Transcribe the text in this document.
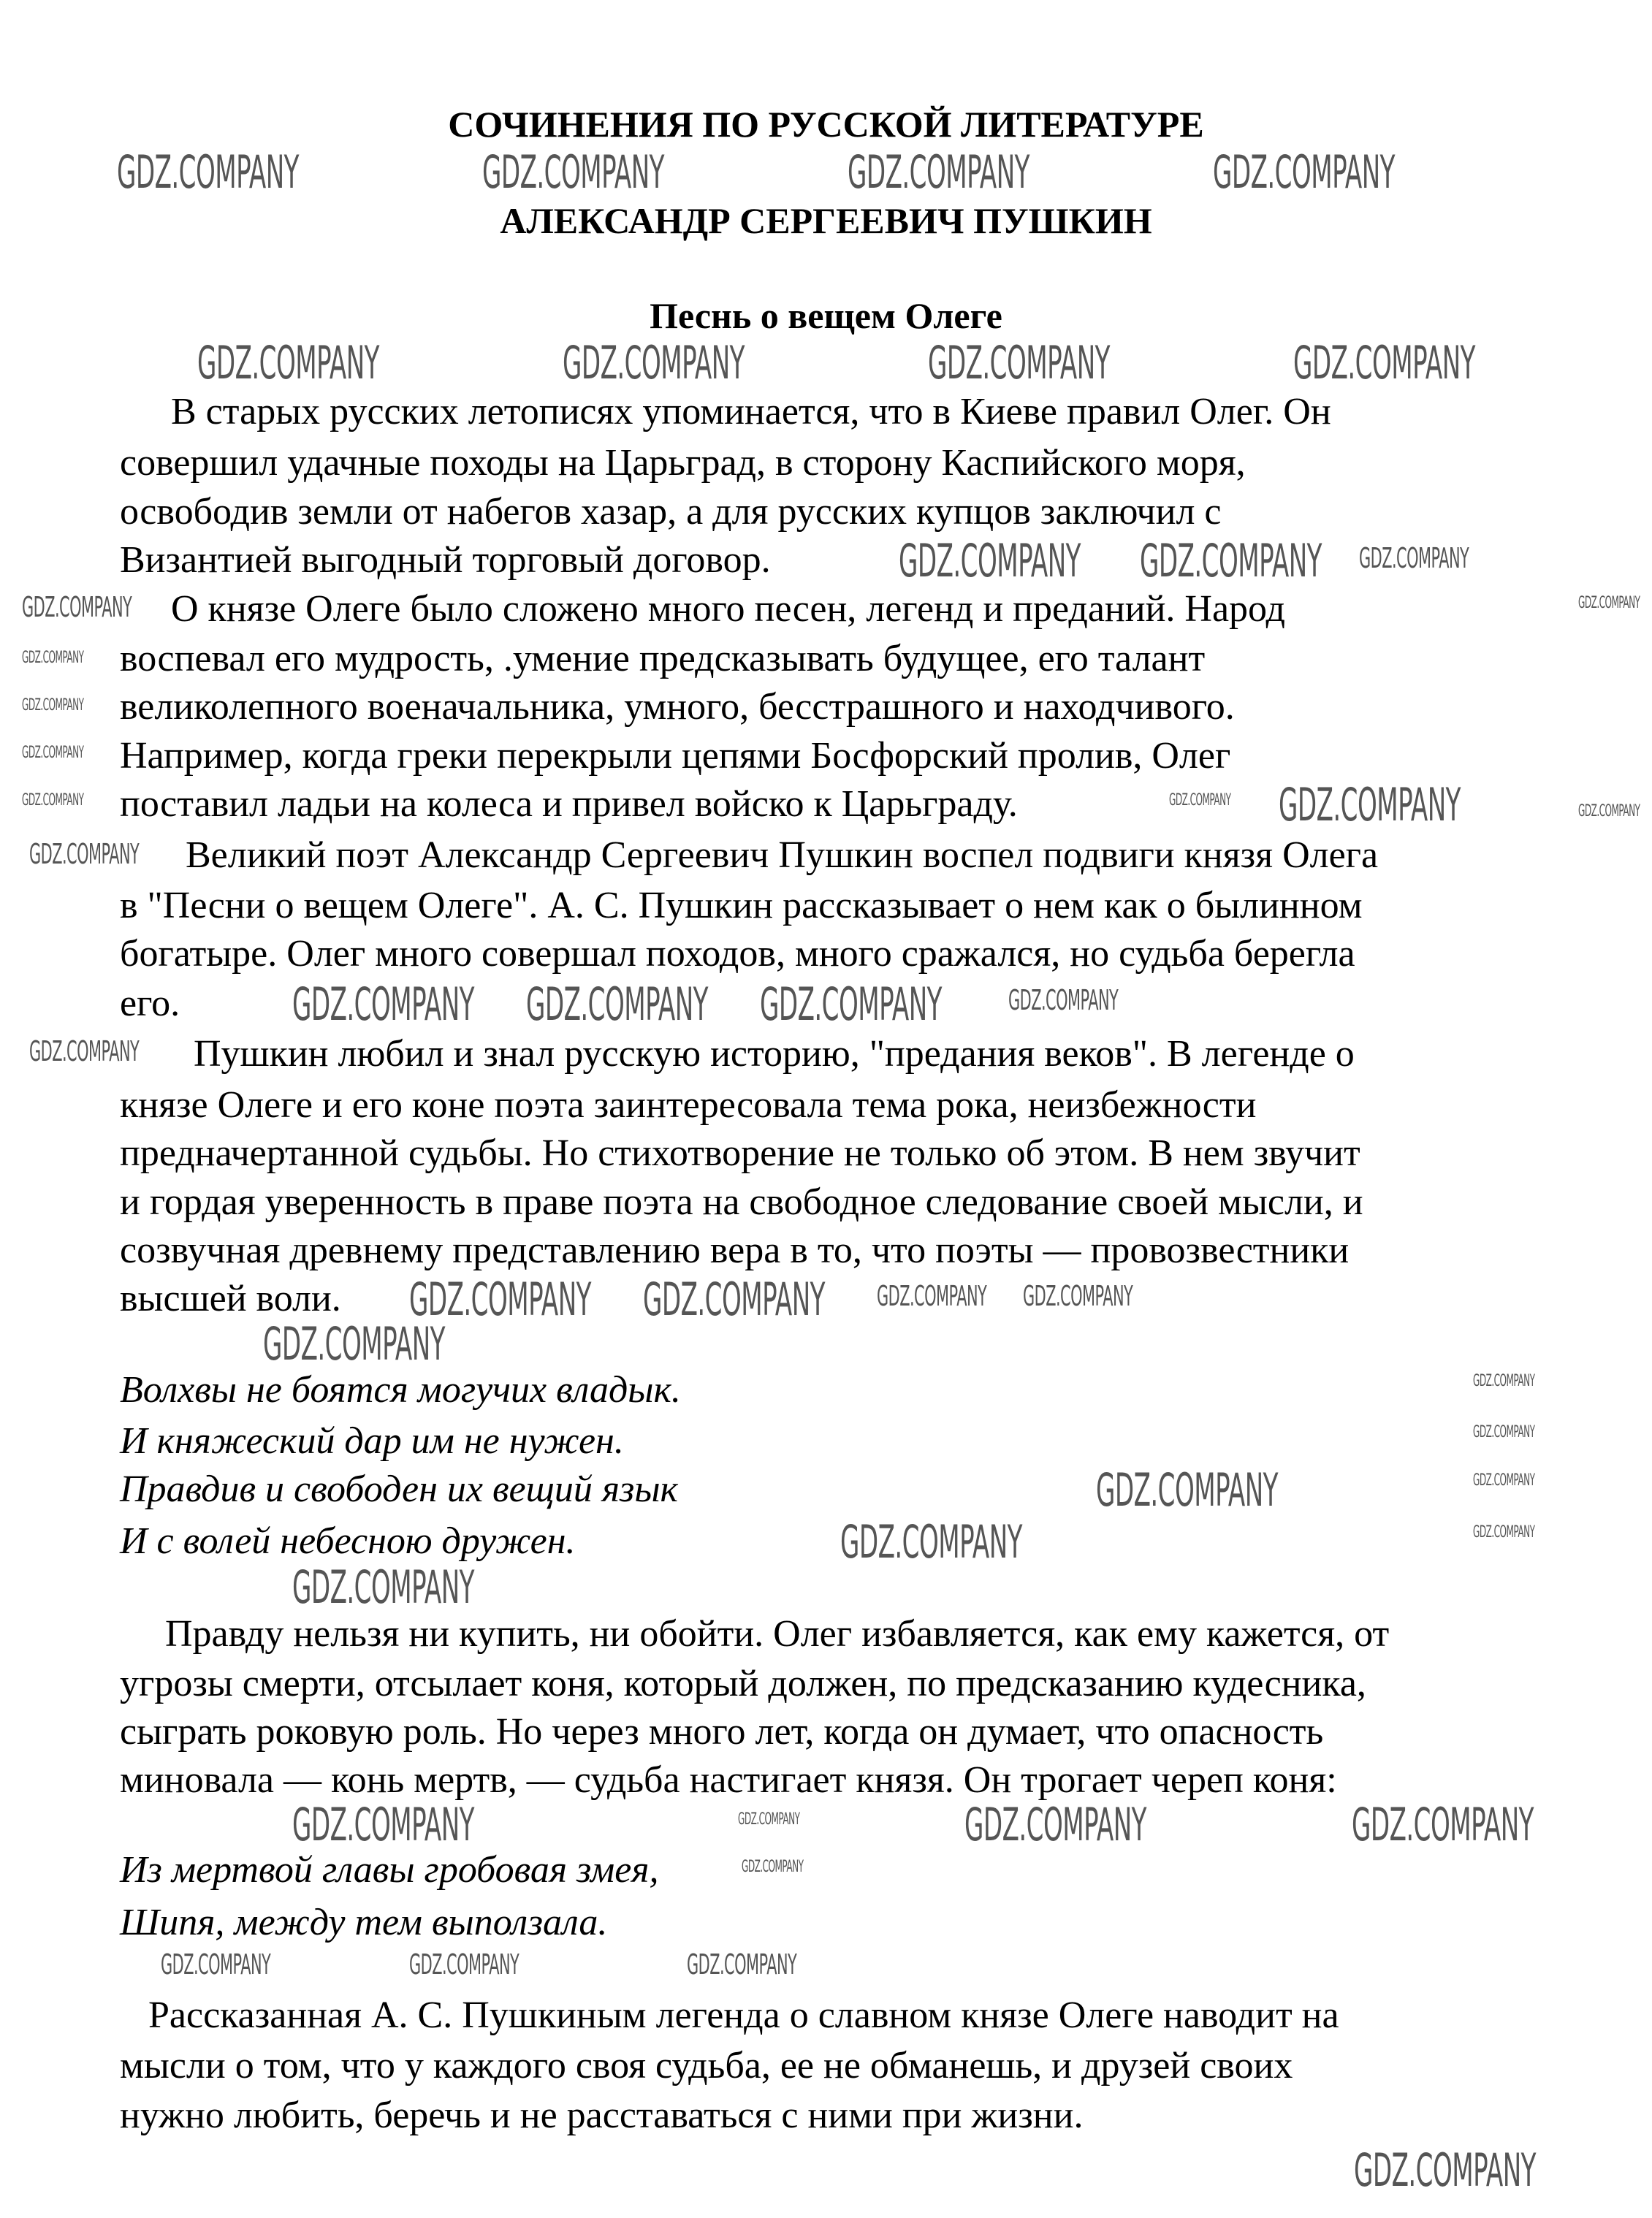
СОЧИНЕНИЯ ПО РУССКОЙ ЛИТЕРАТУРЕ
АЛЕКСАНДР СЕРГЕЕВИЧ ПУШКИН
Песнь о вещем Олеге
В старых русских летописях упоминается, что в Киеве правил Олег. Он
совершил удачные походы на Царьград, в сторону Каспийского моря,
освободив земли от набегов хазар, а для русских купцов заключил с
Византией выгодный торговый договор.
О князе Олеге было сложено много песен, легенд и преданий. Народ
воспевал его мудрость, .умение предсказывать будущее, его талант
великолепного военачальника, умного, бесстрашного и находчивого.
Например, когда греки перекрыли цепями Босфорский пролив, Олег
поставил ладьи на колеса и привел войско к Царьграду.
Великий поэт Александр Сергеевич Пушкин воспел подвиги князя Олега
в "Песни о вещем Олеге". А. С. Пушкин рассказывает о нем как о былинном
богатыре. Олег много совершал походов, много сражался, но судьба берегла
его.
Пушкин любил и знал русскую историю, "предания веков". В легенде о
князе Олеге и его коне поэта заинтересовала тема рока, неизбежности
предначертанной судьбы. Но стихотворение не только об этом. В нем звучит
и гордая уверенность в праве поэта на свободное следование своей мысли, и
созвучная древнему представлению вера в то, что поэты — провозвестники
высшей воли.
Волхвы не боятся могучих владык.
И княжеский дар им не нужен.
Правдив и свободен их вещий язык
И с волей небесною дружен.
Правду нельзя ни купить, ни обойти. Олег избавляется, как ему кажется, от
угрозы смерти, отсылает коня, который должен, по предсказанию кудесника,
сыграть роковую роль. Но через много лет, когда он думает, что опасность
миновала — конь мертв, — судьба настигает князя. Он трогает череп коня:
Из мертвой главы гробовая змея,
Шипя, между тем выползала.
Рассказанная А. С. Пушкиным легенда о славном князе Олеге наводит на
мысли о том, что у каждого своя судьба, ее не обманешь, и друзей своих
нужно любить, беречь и не расставаться с ними при жизни.
GDZ.COMPANY	GDZ.COMPANY	GDZ.COMPANY	GDZ.COMPANY
GDZ.COMPANY	GDZ.COMPANY	GDZ.COMPANY	GDZ.COMPANY
GDZ.COMPANY GDZ.COMPANY GDZ.COMPANY
GDZ.COMPANY
GDZ.COMPANY
GDZ.COMPANY
GDZ.COMPANY
GDZ.COMPANY
GDZ.COMPANY	GDZ.COMPANY GDZ.COMPANY	GDZ.COMPANY
GDZ.COMPANY
GDZ.COMPANY GDZ.COMPANY GDZ.COMPANY GDZ.COMPANY
GDZ.COMPANY
GDZ.COMPANY GDZ.COMPANY GDZ.COMPANY GDZ.COMPANY
GDZ.COMPANY
GDZ.COMPANY
GDZ.COMPANY
GDZ.COMPANY	GDZ.COMPANY
GDZ.COMPANY	GDZ.COMPANY
GDZ.COMPANY
GDZ.COMPANY	GDZ.COMPANY	GDZ.COMPANY	GDZ.COMPANY
GDZ.COMPANY
GDZ.COMPANY	GDZ.COMPANY	GDZ.COMPANY
GDZ.COMPANY
